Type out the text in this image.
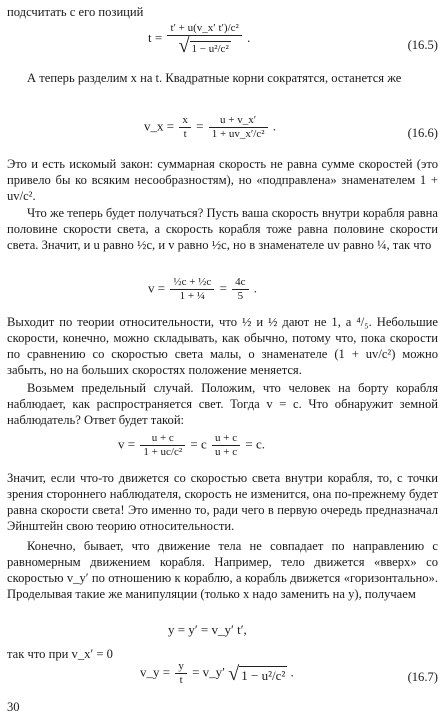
подсчитать с его позиций
$t = \frac{\text{t′ + u(v\_x′ t′)/c²}}{\text{√ 1 − u²/c²}}$ .
(16.5)
А теперь разделим x на t. Квадратные корни сократятся, останется же
v_x = $\frac{x}{t} = \frac{u + v\_x'}{\text{1 + uv\_x′/c²}}$ .	(16.6)
Это и есть искомый закон: суммарная скорость не равна сумме скоростей (это привело бы ко всяким несообразностям), но «подправлена» знаменателем 1 + uv/c².
Что же теперь будет получаться? Пусть ваша скорость внутри корабля равна половине скорости света, а скорость корабля тоже равна половине скорости света. Значит, и u равно ½c, и v равно ½c, но в знаменателе uv равно ¼, так что
$v = \frac{\text{½c + ½c}}{\text{1 + ¼}} = \frac{4c}{5}$ .
Выходит по теории относительности, что ½ и ½ дают не 1, а ⁴/₅. Небольшие скорости, конечно, можно складывать, как обычно, потому что, пока скорости по сравнению со скоростью света малы, о знаменателе (1 + uv/c²) можно забыть, но на больших скоростях положение меняется.
Возьмем предельный случай. Положим, что человек на борту корабля наблюдает, как распространяется свет. Тогда v = c. Что обнаружит земной наблюдатель? Ответ будет такой:
$v = \frac{u + c}{\text{1 + uc/c²}} = c \frac{u + c}{u + c} = c$.
Значит, если что-то движется со скоростью света внутри корабля, то, с точки зрения стороннего наблюдателя, скорость не изменится, она по-прежнему будет равна скорости света! Это именно то, ради чего в первую очередь предназначал Эйнштейн свою теорию относительности.
Конечно, бывает, что движение тела не совпадает по направлению с равномерным движением корабля. Например, тело движется «вверх» со скоростью v_y′ по отношению к кораблю, а корабль движется «горизонтально». Проделывая такие же манипуляции (только x надо заменить на y), получаем
y = y′ = v_y′ t′,
так что при v_x′ = 0
v_y = $\frac{y}{t}$ = v_y′ √ 1 − u²/c² .	(16.7)
30
